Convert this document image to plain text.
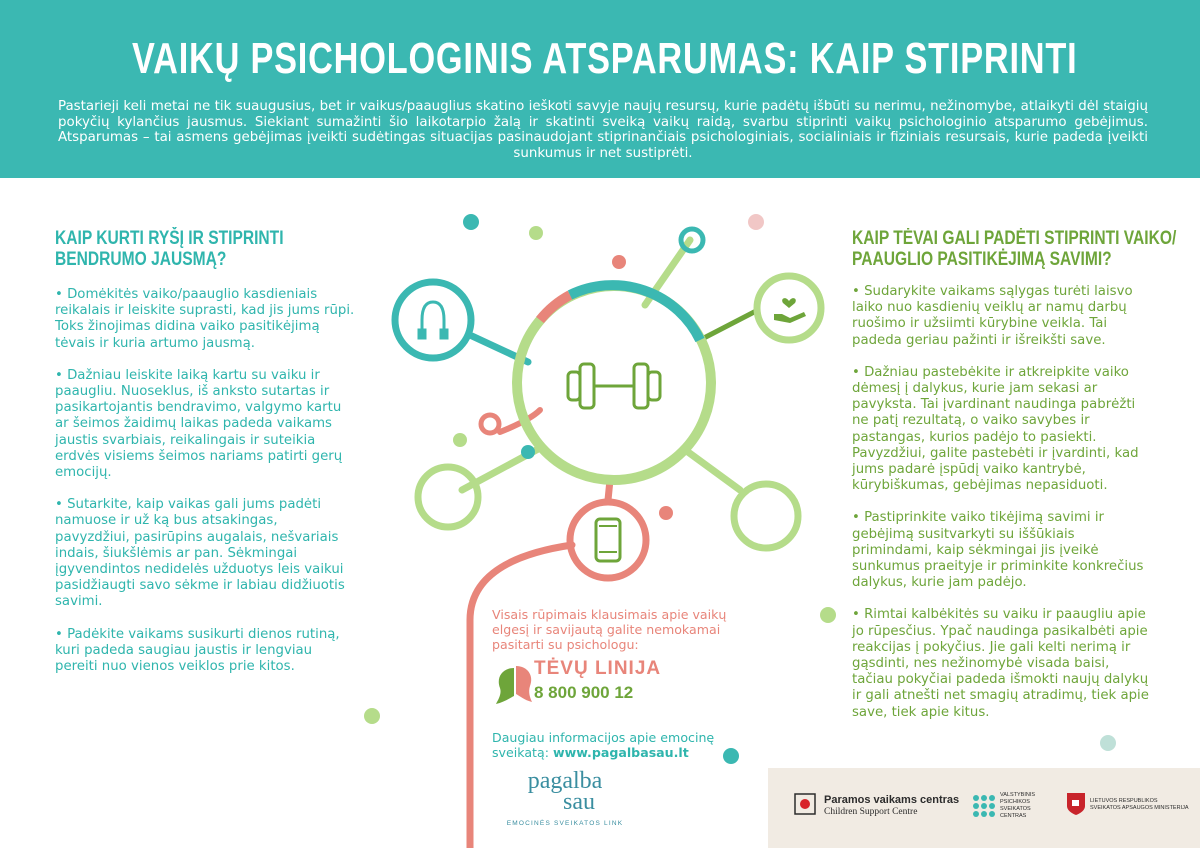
VAIKŲ PSICHOLOGINIS ATSPARUMAS: KAIP STIPRINTI
Pastarieji keli metai ne tik suaugusius, bet ir vaikus/paauglius skatino ieškoti savyje naujų resursų, kurie padėtų išbūti su nerimu, nežinomybe, atlaikyti dėl staigių pokyčių kylančius jausmus. Siekiant sumažinti šio laikotarpio žalą ir skatinti sveiką vaikų raidą, svarbu stiprinti vaikų psichologinio atsparumo gebėjimus. Atsparumas – tai asmens gebėjimas įveikti sudėtingas situacijas pasinaudojant stiprinančiais psichologiniais, socialiniais ir fiziniais resursais, kurie padeda įveikti sunkumus ir net sustiprėti.
KAIP KURTI RYŠĮ IR STIPRINTI
BENDRUMO JAUSMĄ?

• Domėkitės vaiko/paauglio kasdieniais reikalais ir leiskite suprasti, kad jis jums rūpi. Toks žinojimas didina vaiko pasitikėjimą tėvais ir kuria artumo jausmą.

• Dažniau leiskite laiką kartu su vaiku ir paaugliu. Nuoseklus, iš anksto sutartas ir pasikartojantis bendravimo, valgymo kartu ar šeimos žaidimų laikas padeda vaikams jaustis svarbiais, reikalingais ir suteikia erdvės visiems šeimos nariams patirti gerų emocijų.

• Sutarkite, kaip vaikas gali jums padėti namuose ir už ką bus atsakingas, pavyzdžiui, pasirūpins augalais, nešvariais indais, šiukšlėmis ar pan. Sėkmingai įgyvendintos nedidelės užduotys leis vaikui pasidžiaugti savo sėkme ir labiau didžiuotis savimi.

• Padėkite vaikams susikurti dienos rutiną, kuri padeda saugiau jaustis ir lengviau pereiti nuo vienos veiklos prie kitos.

KAIP TĖVAI GALI PADĖTI STIPRINTI VAIKO/
PAAUGLIO PASITIKĖJIMĄ SAVIMI?

• Sudarykite vaikams sąlygas turėti laisvo laiko nuo kasdienių veiklų ar namų darbų ruošimo ir užsiimti kūrybine veikla. Tai padeda geriau pažinti ir išreikšti save.

• Dažniau pastebėkite ir atkreipkite vaiko dėmesį į dalykus, kurie jam sekasi ar pavyksta. Tai įvardinant naudinga pabrėžti ne patį rezultatą, o vaiko savybes ir pastangas, kurios padėjo to pasiekti. Pavyzdžiui, galite pastebėti ir įvardinti, kad jums padarė įspūdį vaiko kantrybė, kūrybiškumas, gebėjimas nepasiduoti.

• Pastiprinkite vaiko tikėjimą savimi ir gebėjimą susitvarkyti su iššūkiais primindami, kaip sėkmingai jis įveikė sunkumus praeityje ir priminkite konkrečius dalykus, kurie jam padėjo.

• Rimtai kalbėkitės su vaiku ir paaugliu apie jo rūpesčius. Ypač naudinga pasikalbėti apie reakcijas į pokyčius. Jie gali kelti nerimą ir gąsdinti, nes nežinomybė visada baisi, tačiau pokyčiai padeda išmokti naujų dalykų ir gali atnešti net smagių atradimų, tiek apie save, tiek apie kitus.

Visais rūpimais klausimais apie vaikų elgesį ir savijautą galite nemokamai pasitarti su psichologu:
TĖVŲ LINIJA
8 800 900 12
Daugiau informacijos apie emocinę sveikatą: www.pagalbasau.lt
pagalba
sau
EMOCINĖS SVEIKATOS LINK
Paramos vaikams centras
Children Support Centre
VALSTYBINIS
PSICHIKOS
SVEIKATOS
CENTRAS
LIETUVOS RESPUBLIKOS
SVEIKATOS APSAUGOS MINISTERIJA
